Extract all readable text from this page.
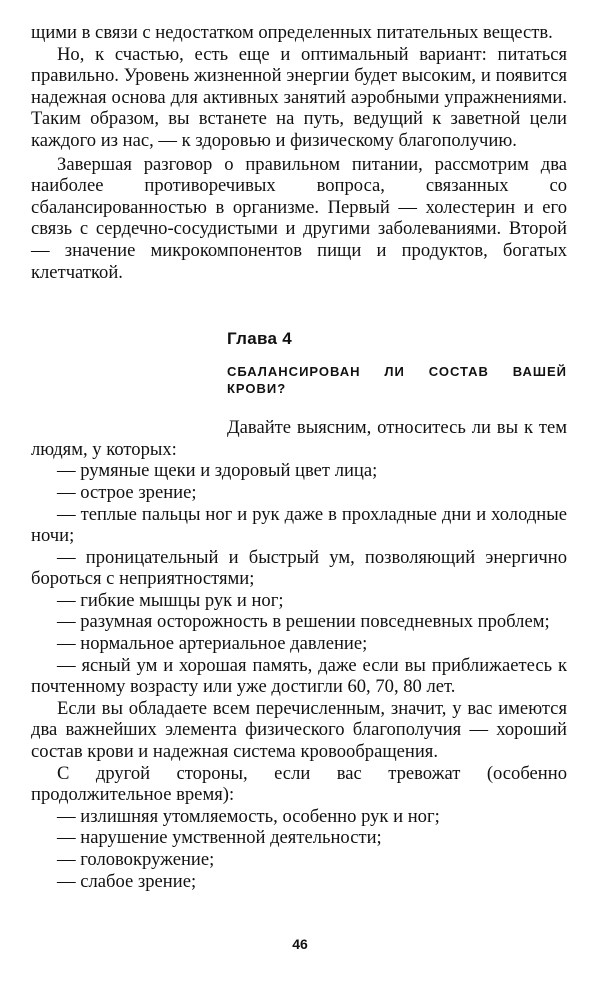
щими в связи с недостатком определенных питательных веществ.

Но, к счастью, есть еще и оптимальный вариант: питаться правильно. Уровень жизненной энергии будет высоким, и появится надежная основа для активных занятий аэробными упражнениями. Таким образом, вы встанете на путь, ведущий к заветной цели каждого из нас, — к здоровью и физическому благополучию.

Завершая разговор о правильном питании, рассмотрим два наиболее противоречивых вопроса, связанных со сбалансированностью в организме. Первый — холестерин и его связь с сердечно-сосудистыми и другими заболеваниями. Второй — значение микрокомпонентов пищи и продуктов, богатых клетчаткой.

Глава 4
СБАЛАНСИРОВАН ЛИ СОСТАВ ВАШЕЙ КРОВИ?

Давайте выясним, относитесь ли вы к тем людям, у которых:

— румяные щеки и здоровый цвет лица;

— острое зрение;

— теплые пальцы ног и рук даже в прохладные дни и холодные ночи;

— проницательный и быстрый ум, позволяющий энергично бороться с неприятностями;

— гибкие мышцы рук и ног;

— разумная осторожность в решении повседневных проблем;

— нормальное артериальное давление;

— ясный ум и хорошая память, даже если вы приближаетесь к почтенному возрасту или уже достигли 60, 70, 80 лет.

Если вы обладаете всем перечисленным, значит, у вас имеются два важнейших элемента физического благополучия — хороший состав крови и надежная система кровообращения.

С другой стороны, если вас тревожат (особенно продолжительное время):

— излишняя утомляемость, особенно рук и ног;

— нарушение умственной деятельности;

— головокружение;

— слабое зрение;

46
